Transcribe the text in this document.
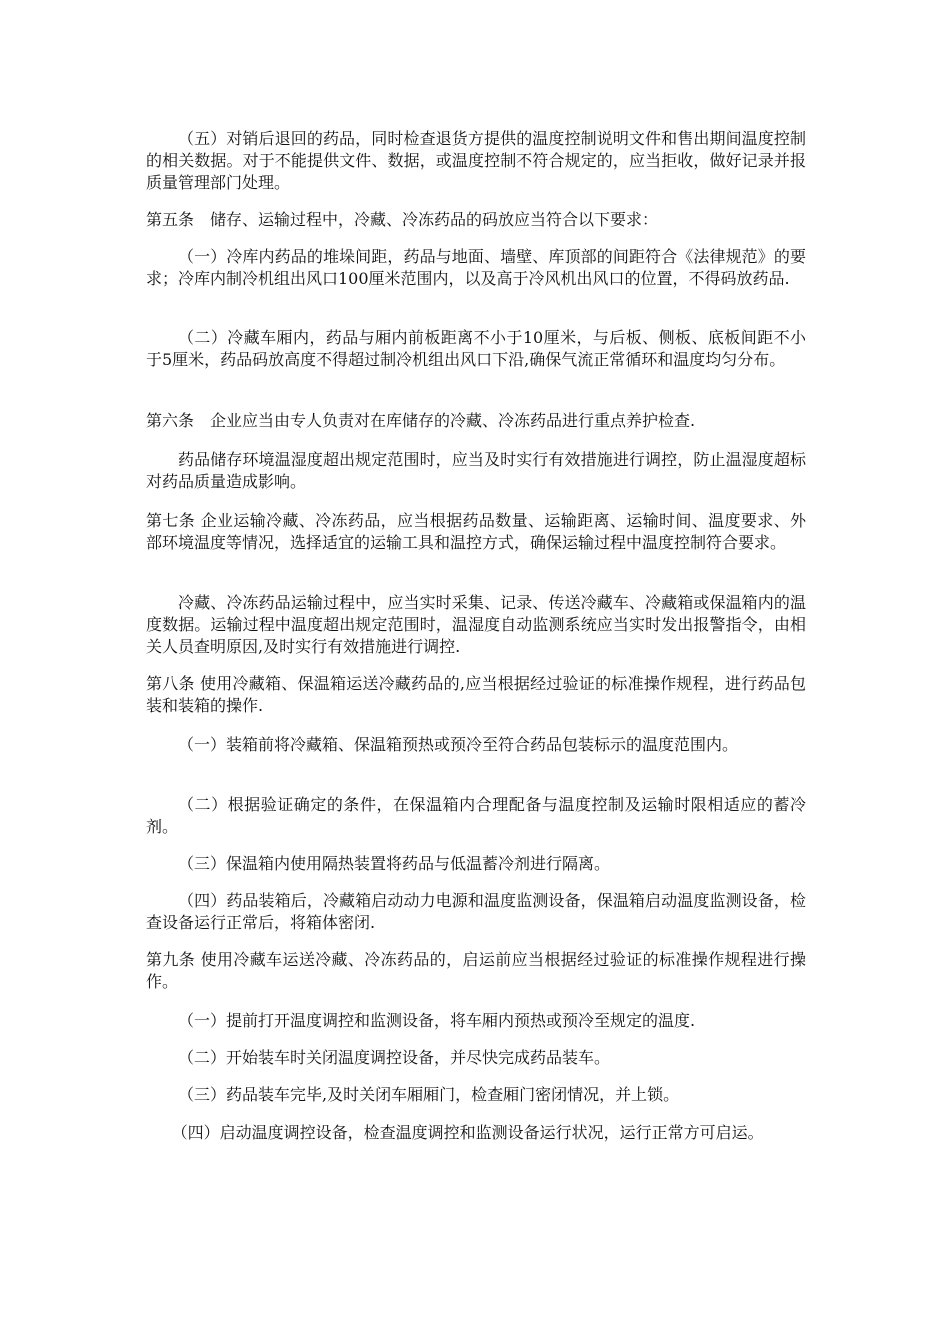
（五）对销后退回的药品，同时检查退货方提供的温度控制说明文件和售出期间温度控制的相关数据。对于不能提供文件、数据，或温度控制不符合规定的，应当拒收，做好记录并报质量管理部门处理。

第五条　储存、运输过程中，冷藏、冷冻药品的码放应当符合以下要求：

（一）冷库内药品的堆垛间距，药品与地面、墙壁、库顶部的间距符合《法律规范》的要求；冷库内制冷机组出风口100厘米范围内，以及高于冷风机出风口的位置，不得码放药品.

（二）冷藏车厢内，药品与厢内前板距离不小于10厘米，与后板、侧板、底板间距不小于5厘米，药品码放高度不得超过制冷机组出风口下沿,确保气流正常循环和温度均匀分布。

第六条　企业应当由专人负责对在库储存的冷藏、冷冻药品进行重点养护检查.

药品储存环境温湿度超出规定范围时，应当及时实行有效措施进行调控，防止温湿度超标对药品质量造成影响。

第七条 企业运输冷藏、冷冻药品，应当根据药品数量、运输距离、运输时间、温度要求、外部环境温度等情况，选择适宜的运输工具和温控方式，确保运输过程中温度控制符合要求。

冷藏、冷冻药品运输过程中，应当实时采集、记录、传送冷藏车、冷藏箱或保温箱内的温度数据。运输过程中温度超出规定范围时，温湿度自动监测系统应当实时发出报警指令，由相关人员查明原因,及时实行有效措施进行调控.

第八条 使用冷藏箱、保温箱运送冷藏药品的,应当根据经过验证的标准操作规程，进行药品包装和装箱的操作.

（一）装箱前将冷藏箱、保温箱预热或预冷至符合药品包装标示的温度范围内。

（二）根据验证确定的条件，在保温箱内合理配备与温度控制及运输时限相适应的蓄冷剂。

（三）保温箱内使用隔热装置将药品与低温蓄冷剂进行隔离。

（四）药品装箱后，冷藏箱启动动力电源和温度监测设备，保温箱启动温度监测设备，检查设备运行正常后，将箱体密闭.

第九条 使用冷藏车运送冷藏、冷冻药品的，启运前应当根据经过验证的标准操作规程进行操作。

（一）提前打开温度调控和监测设备，将车厢内预热或预冷至规定的温度.

（二）开始装车时关闭温度调控设备，并尽快完成药品装车。

（三）药品装车完毕,及时关闭车厢厢门，检查厢门密闭情况，并上锁。

（四）启动温度调控设备，检查温度调控和监测设备运行状况，运行正常方可启运。
